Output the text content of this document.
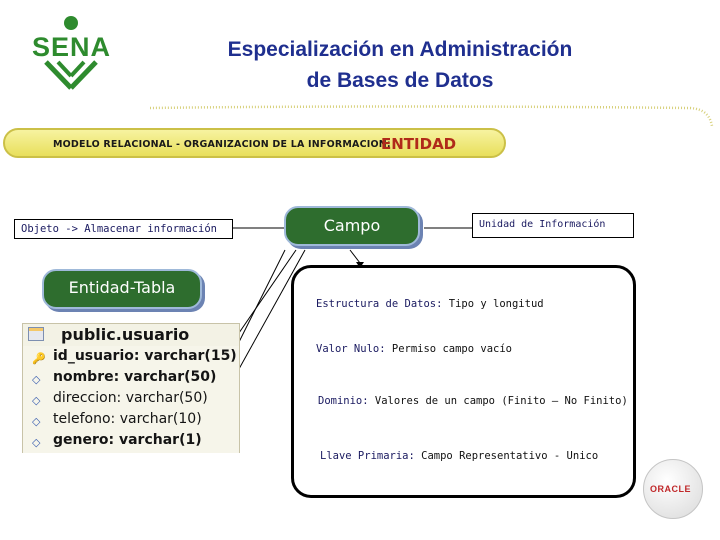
SENA	Especialización en Administración
de Bases de Datos
MODELO RELACIONAL - ORGANIZACION DE LA INFORMACION:
ENTIDAD
Objeto -> Almacenar información	Campo	Unidad de Información
Entidad-Tabla
public.usuario
🔑 id_usuario: varchar(15)
◇ nombre: varchar(50)
◇ direccion: varchar(50)
◇ telefono: varchar(10)
◇ genero: varchar(1)
Estructura de Datos: Tipo y longitud
Valor Nulo: Permiso campo vacío
Dominio: Valores de un campo (Finito – No Finito)
Llave Primaria: Campo Representativo - Unico
ORACLE
